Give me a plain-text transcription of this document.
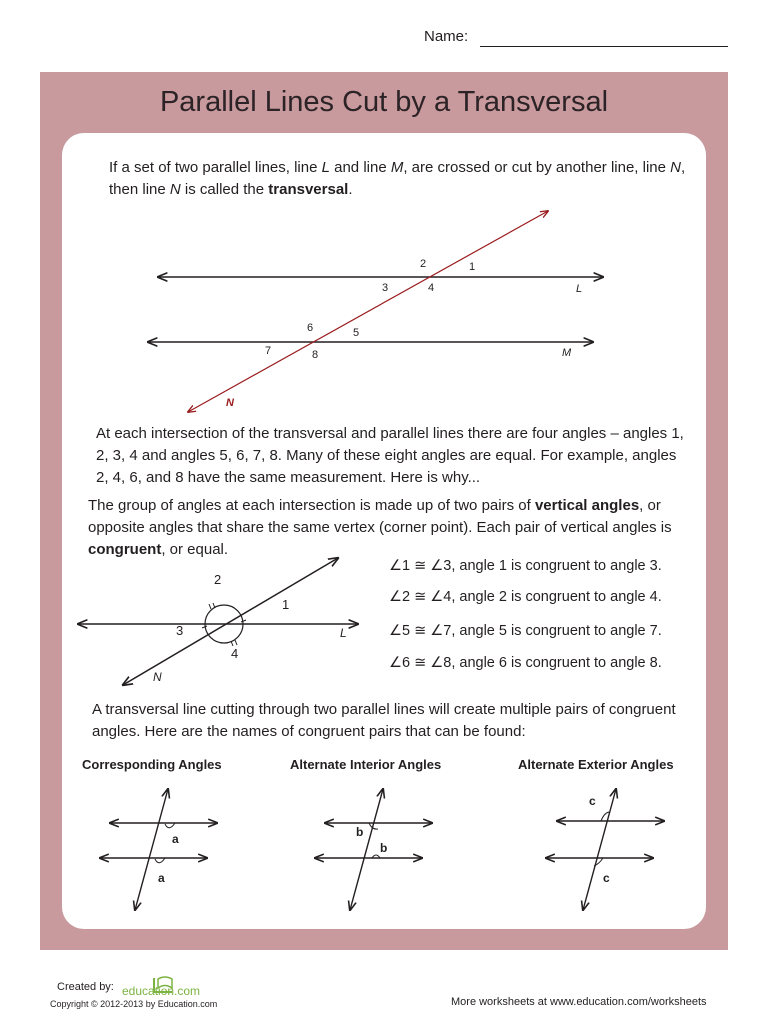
Name:
Parallel Lines Cut by a Transversal
If a set of two parallel lines, line L and line M, are crossed or cut by another line, line N, then line N is called the transversal.
2	1
3	4	L
6	5
7	8	M
N
2
1
3
4
L
N
a
a
b
b
c
c
At each intersection of the transversal and parallel lines there are four angles – angles 1, 2, 3, 4 and angles 5, 6, 7, 8. Many of these eight angles are equal. For example, angles 2, 4, 6, and 8 have the same measurement. Here is why...
The group of angles at each intersection is made up of two pairs of vertical angles, or opposite angles that share the same vertex (corner point). Each pair of vertical angles is congruent, or equal.
∠1 ≅ ∠3, angle 1 is congruent to angle 3.
∠2 ≅ ∠4, angle 2 is congruent to angle 4.
∠5 ≅ ∠7, angle 5 is congruent to angle 7.
∠6 ≅ ∠8, angle 6 is congruent to angle 8.
A transversal line cutting through two parallel lines will create multiple pairs of congruent angles. Here are the names of congruent pairs that can be found:
Corresponding Angles	Alternate Interior Angles	Alternate Exterior Angles
Created by: education.com
Copyright © 2012-2013 by Education.com	More worksheets at www.education.com/worksheets
